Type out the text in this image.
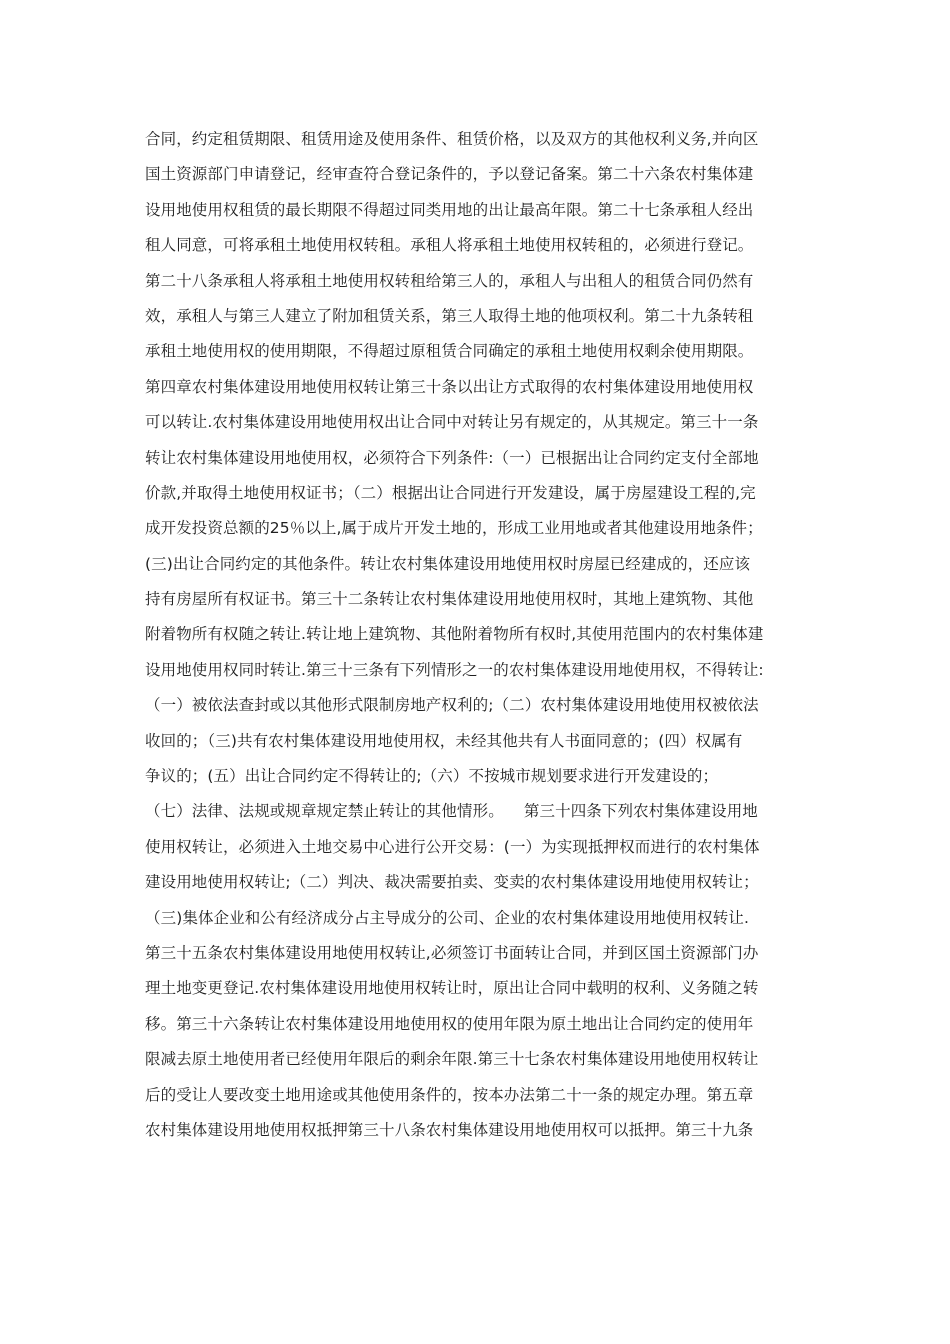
合同，约定租赁期限、租赁用途及使用条件、租赁价格，以及双方的其他权利义务,并向区
国土资源部门申请登记，经审查符合登记条件的，予以登记备案。第二十六条农村集体建
设用地使用权租赁的最长期限不得超过同类用地的出让最高年限。第二十七条承租人经出
租人同意，可将承租土地使用权转租。承租人将承租土地使用权转租的，必须进行登记。
第二十八条承租人将承租土地使用权转租给第三人的，承租人与出租人的租赁合同仍然有
效，承租人与第三人建立了附加租赁关系，第三人取得土地的他项权利。第二十九条转租
承租土地使用权的使用期限，不得超过原租赁合同确定的承租土地使用权剩余使用期限。
第四章农村集体建设用地使用权转让第三十条以出让方式取得的农村集体建设用地使用权
可以转让.农村集体建设用地使用权出让合同中对转让另有规定的，从其规定。第三十一条
转让农村集体建设用地使用权，必须符合下列条件:（一）已根据出让合同约定支付全部地
价款,并取得土地使用权证书；（二）根据出让合同进行开发建设，属于房屋建设工程的,完
成开发投资总额的25％以上,属于成片开发土地的，形成工业用地或者其他建设用地条件；
(三)出让合同约定的其他条件。转让农村集体建设用地使用权时房屋已经建成的，还应该
持有房屋所有权证书。第三十二条转让农村集体建设用地使用权时，其地上建筑物、其他
附着物所有权随之转让.转让地上建筑物、其他附着物所有权时,其使用范围内的农村集体建
设用地使用权同时转让.第三十三条有下列情形之一的农村集体建设用地使用权，不得转让:
（一）被依法查封或以其他形式限制房地产权利的;（二）农村集体建设用地使用权被依法
收回的；（三)共有农村集体建设用地使用权，未经其他共有人书面同意的；(四）权属有
争议的；(五）出让合同约定不得转让的;（六）不按城市规划要求进行开发建设的；
（七）法律、法规或规章规定禁止转让的其他情形。    第三十四条下列农村集体建设用地
使用权转让，必须进入土地交易中心进行公开交易：(一）为实现抵押权而进行的农村集体
建设用地使用权转让;（二）判决、裁决需要拍卖、变卖的农村集体建设用地使用权转让；
（三)集体企业和公有经济成分占主导成分的公司、企业的农村集体建设用地使用权转让.
第三十五条农村集体建设用地使用权转让,必须签订书面转让合同，并到区国土资源部门办
理土地变更登记.农村集体建设用地使用权转让时，原出让合同中载明的权利、义务随之转
移。第三十六条转让农村集体建设用地使用权的使用年限为原土地出让合同约定的使用年
限减去原土地使用者已经使用年限后的剩余年限.第三十七条农村集体建设用地使用权转让
后的受让人要改变土地用途或其他使用条件的，按本办法第二十一条的规定办理。第五章
农村集体建设用地使用权抵押第三十八条农村集体建设用地使用权可以抵押。第三十九条
